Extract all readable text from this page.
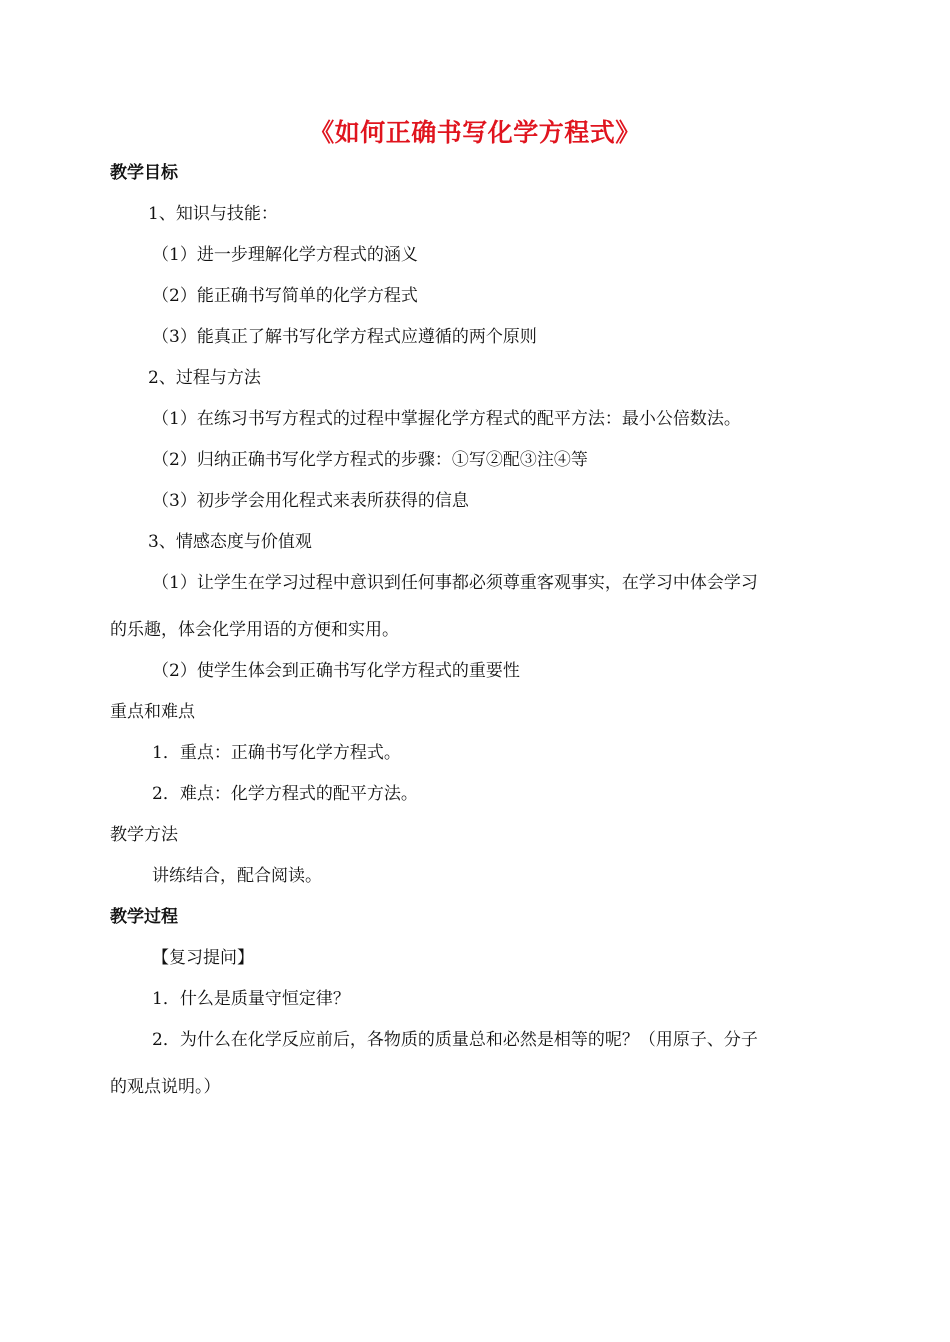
《如何正确书写化学方程式》
教学目标
1、知识与技能：
（1）进一步理解化学方程式的涵义
（2）能正确书写简单的化学方程式
（3）能真正了解书写化学方程式应遵循的两个原则
2、过程与方法
（1）在练习书写方程式的过程中掌握化学方程式的配平方法：最小公倍数法。
（2）归纳正确书写化学方程式的步骤：①写②配③注④等
（3）初步学会用化程式来表所获得的信息
3、情感态度与价值观
（1）让学生在学习过程中意识到任何事都必须尊重客观事实，在学习中体会学习
的乐趣，体会化学用语的方便和实用。
（2）使学生体会到正确书写化学方程式的重要性
重点和难点
1．重点：正确书写化学方程式。
2．难点：化学方程式的配平方法。
教学方法
讲练结合，配合阅读。
教学过程
【复习提问】
1．什么是质量守恒定律？
2．为什么在化学反应前后，各物质的质量总和必然是相等的呢？（用原子、分子
的观点说明。）
